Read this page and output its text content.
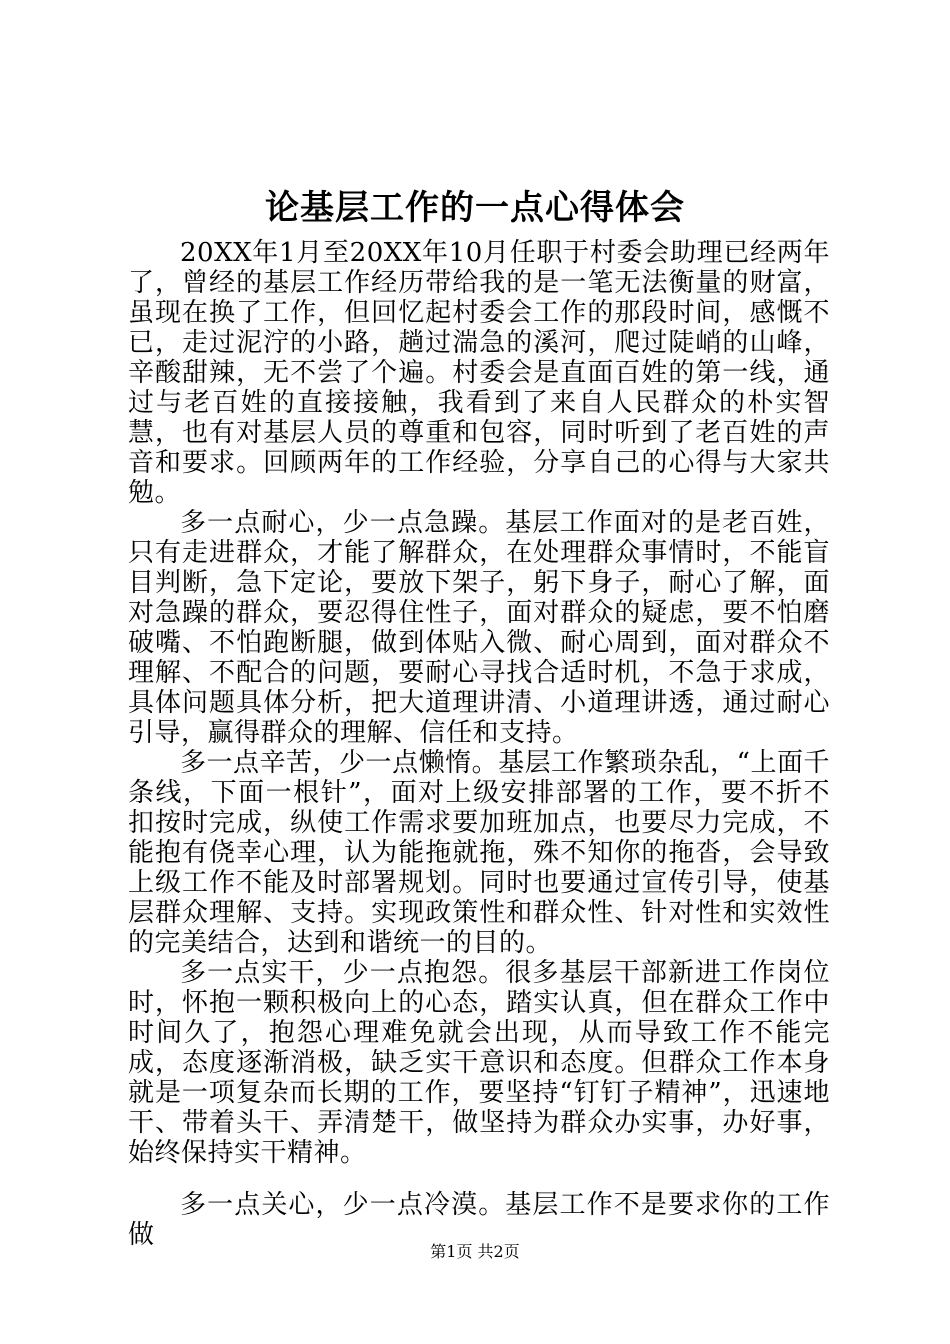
论基层工作的一点心得体会

20XX年1月至20XX年10月任职于村委会助理已经两年了，曾经的基层工作经历带给我的是一笔无法衡量的财富，虽现在换了工作，但回忆起村委会工作的那段时间，感慨不已，走过泥泞的小路，趟过湍急的溪河，爬过陡峭的山峰，辛酸甜辣，无不尝了个遍。村委会是直面百姓的第一线，通过与老百姓的直接接触，我看到了来自人民群众的朴实智慧，也有对基层人员的尊重和包容，同时听到了老百姓的声音和要求。回顾两年的工作经验，分享自己的心得与大家共勉。

多一点耐心，少一点急躁。基层工作面对的是老百姓，只有走进群众，才能了解群众，在处理群众事情时，不能盲目判断，急下定论，要放下架子，躬下身子，耐心了解，面对急躁的群众，要忍得住性子，面对群众的疑虑，要不怕磨破嘴、不怕跑断腿，做到体贴入微、耐心周到，面对群众不理解、不配合的问题，要耐心寻找合适时机，不急于求成，具体问题具体分析，把大道理讲清、小道理讲透，通过耐心引导，赢得群众的理解、信任和支持。

多一点辛苦，少一点懒惰。基层工作繁琐杂乱，“上面千条线，下面一根针”，面对上级安排部署的工作，要不折不扣按时完成，纵使工作需求要加班加点，也要尽力完成，不能抱有侥幸心理，认为能拖就拖，殊不知你的拖沓，会导致上级工作不能及时部署规划。同时也要通过宣传引导，使基层群众理解、支持。实现政策性和群众性、针对性和实效性的完美结合，达到和谐统一的目的。

多一点实干，少一点抱怨。很多基层干部新进工作岗位时，怀抱一颗积极向上的心态，踏实认真，但在群众工作中时间久了，抱怨心理难免就会出现，从而导致工作不能完成，态度逐渐消极，缺乏实干意识和态度。但群众工作本身就是一项复杂而长期的工作，要坚持“钉钉子精神”，迅速地干、带着头干、弄清楚干，做坚持为群众办实事，办好事，始终保持实干精神。

多一点关心，少一点冷漠。基层工作不是要求你的工作做

第1页 共2页
